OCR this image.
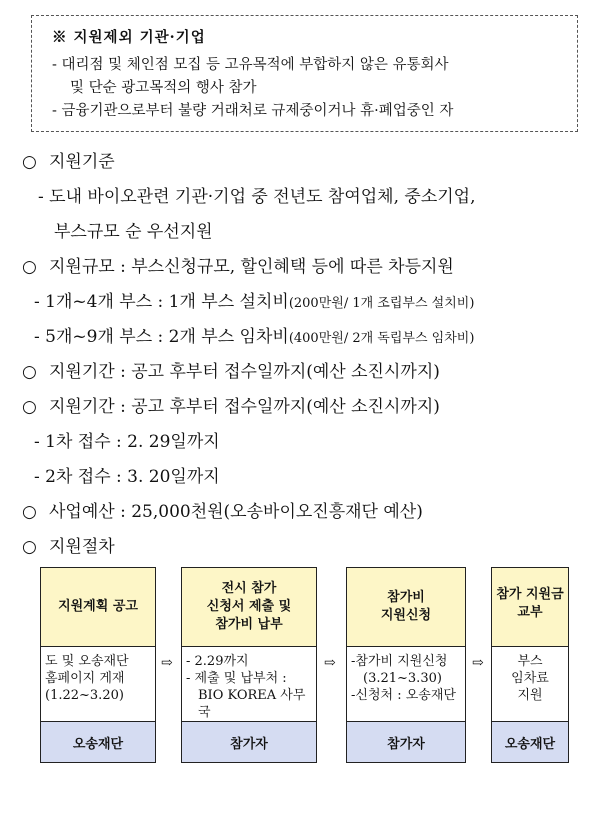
※ 지원제외 기관·기업
- 대리점 및 체인점 모집 등 고유목적에 부합하지 않은 유통회사
및 단순 광고목적의 행사 참가
- 금융기관으로부터 불량 거래처로 규제중이거나 휴·폐업중인 자
○ 지원기준
- 도내 바이오관련 기관·기업 중 전년도 참여업체, 중소기업,
부스규모 순 우선지원
○ 지원규모 : 부스신청규모, 할인혜택 등에 따른 차등지원
- 1개~4개 부스 : 1개 부스 설치비(200만원/ 1개 조립부스 설치비)
- 5개~9개 부스 : 2개 부스 임차비(400만원/ 2개 독립부스 임차비)
○ 지원기간 : 공고 후부터 접수일까지(예산 소진시까지)
○ 지원기간 : 공고 후부터 접수일까지(예산 소진시까지)
- 1차 접수 : 2. 29일까지
- 2차 접수 : 3. 20일까지
○ 사업예산 : 25,000천원(오송바이오진흥재단 예산)
○ 지원절차
지원계획 공고
도 및 오송재단
홈페이지 게재
(1.22~3.20)
오송재단
⇨
전시 참가
신청서 제출 및
참가비 납부
- 2.29까지
- 제출 및 납부처 :
BIO KOREA 사무국
참가자
⇨
참가비
지원신청
-참가비 지원신청
(3.21~3.30)
-신청처 : 오송재단
참가자
⇨
참가 지원금
교부
부스
임차료
지원
오송재단
